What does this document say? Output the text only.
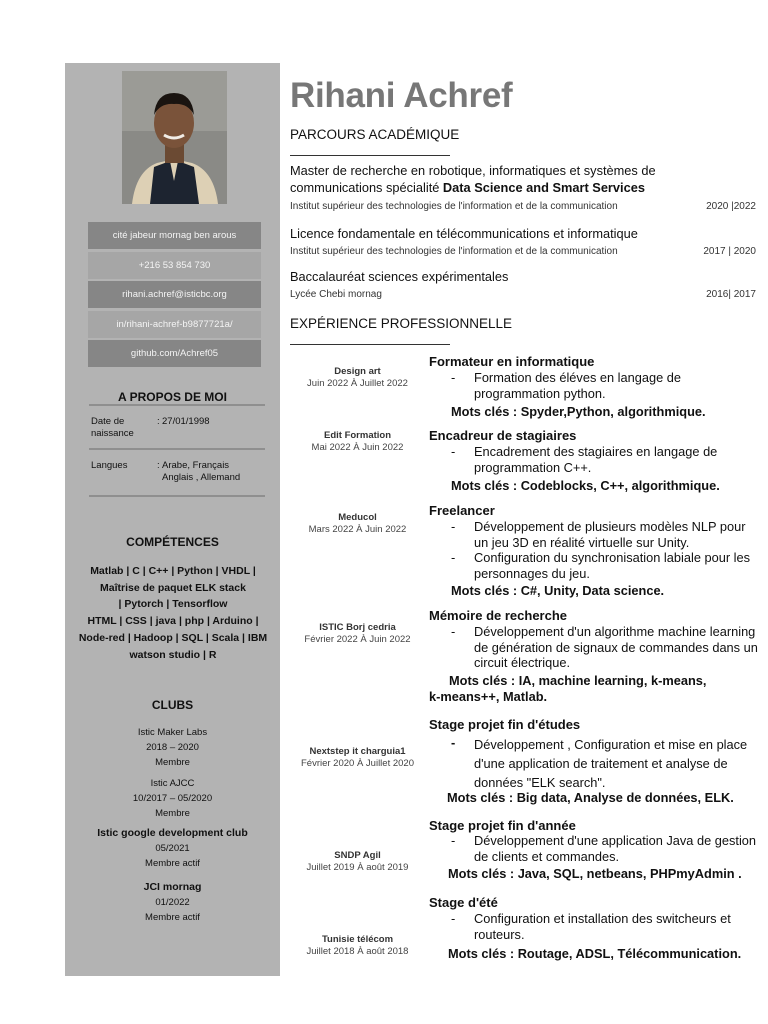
cité jabeur mornag ben arous
+216 53 854 730
rihani.achref@isticbc.org
in/rihani-achref-b9877721a/
github.com/Achref05
A PROPOS DE MOI
Date de naissance
: 27/01/1998
Langues	: Arabe, Français
Anglais , Allemand
COMPÉTENCES
Matlab | C | C++ | Python | VHDL |
Maîtrise de paquet ELK stack
| Pytorch | Tensorflow
HTML | CSS | java | php | Arduino |
Node-red | Hadoop | SQL | Scala | IBM
watson studio | R
CLUBS
Istic Maker Labs
2018 – 2020
Membre
Istic AJCC
10/2017 – 05/2020
Membre
Istic google development club
05/2021
Membre actif
JCI mornag
01/2022
Membre actif
Rihani Achref
PARCOURS ACADÉMIQUE
Master de recherche en robotique, informatiques et systèmes de
communications spécialité Data Science and Smart Services
Institut supérieur des technologies de l'information et de la communication	2020 |2022
Licence fondamentale en télécommunications et informatique
Institut supérieur des technologies de l'information et de la communication	2017 | 2020
Baccalauréat sciences expérimentales
Lycée Chebi mornag	2016| 2017
EXPÉRIENCE PROFESSIONNELLE
Design art
Juin 2022 À Juillet 2022
Formateur en informatique
- Formation des éléves en langage de programmation python.
Mots clés : Spyder,Python, algorithmique.
Edit Formation
Mai 2022 À Juin 2022
Encadreur de stagiaires
- Encadrement des stagiaires en langage de programmation C++.
Mots clés : Codeblocks, C++, algorithmique.
Meducol
Mars 2022 À Juin 2022
Freelancer
- Développement de plusieurs modèles NLP pour un jeu 3D en réalité virtuelle sur Unity.
- Configuration du synchronisation labiale pour les personnages du jeu.
Mots clés : C#, Unity, Data science.
ISTIC Borj cedria
Février 2022 À Juin 2022
Mémoire de recherche
- Développement d'un algorithme machine learning de génération de signaux de commandes dans un circuit électrique.
Mots clés : IA, machine learning, k-means,
k-means++, Matlab.
Nextstep it charguia1
Février 2020 À Juillet 2020
Stage projet fin d'études
- Développement , Configuration et mise en place d'une application de traitement et analyse de données "ELK search".
Mots clés : Big data, Analyse de données, ELK.
SNDP Agil
Juillet 2019 À août 2019
Stage projet fin d'année
- Développement d'une application Java de gestion de clients et commandes.
Mots clés : Java, SQL, netbeans, PHPmyAdmin .
Tunisie télécom
Juillet 2018 À août 2018
Stage d'été
- Configuration et installation des switcheurs et routeurs.
Mots clés : Routage, ADSL, Télécommunication.
